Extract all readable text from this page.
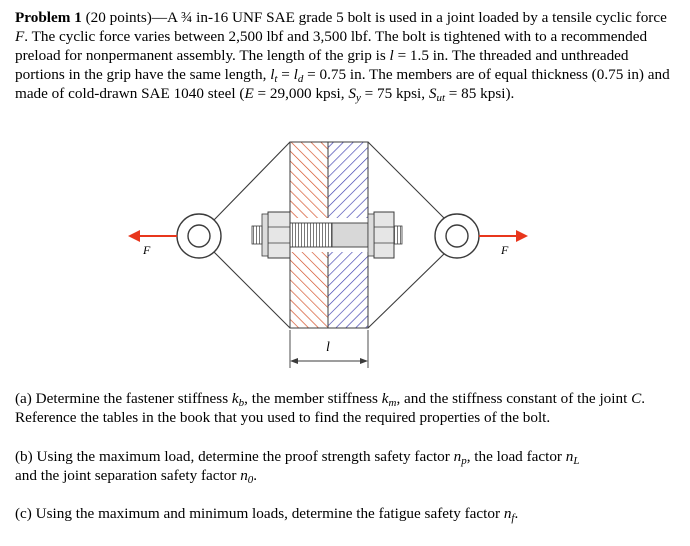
Problem 1 (20 points)—A ¾ in-16 UNF SAE grade 5 bolt is used in a joint loaded by a tensile cyclic force F. The cyclic force varies between 2,500 lbf and 3,500 lbf. The bolt is tightened with to a recommended preload for nonpermanent assembly. The length of the grip is l = 1.5 in. The threaded and unthreaded portions in the grip have the same length, $l_t = l_d = 0.75$ in. The members are of equal thickness (0.75 in) and made of cold-drawn SAE 1040 steel (E = 29,000 kpsi, $S_y = 75$ kpsi, $S_{ut} = 85$ kpsi).
F	F
l
(a) Determine the fastener stiffness $k_b$, the member stiffness $k_m$, and the stiffness constant of the joint C. Reference the tables in the book that you used to find the required properties of the bolt.
(b) Using the maximum load, determine the proof strength safety factor $n_p$, the load factor $n_L$
and the joint separation safety factor $n_0$.
(c) Using the maximum and minimum loads, determine the fatigue safety factor $n_f$.
